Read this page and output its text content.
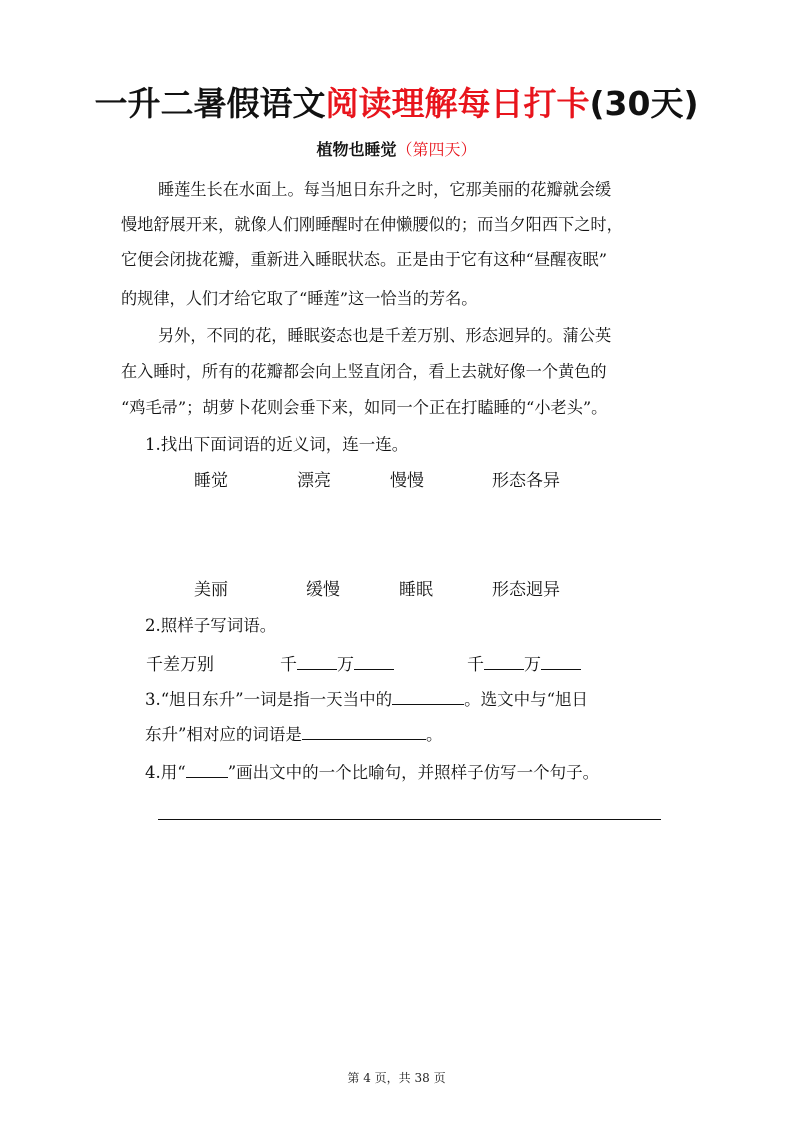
一升二暑假语文阅读理解每日打卡(30天)
植物也睡觉（第四天）
睡莲生长在水面上。每当旭日东升之时，它那美丽的花瓣就会缓
慢地舒展开来，就像人们刚睡醒时在伸懒腰似的；而当夕阳西下之时，
它便会闭拢花瓣，重新进入睡眠状态。正是由于它有这种“昼醒夜眠”
的规律，人们才给它取了“睡莲”这一恰当的芳名。
另外，不同的花，睡眠姿态也是千差万别、形态迥异的。蒲公英
在入睡时，所有的花瓣都会向上竖直闭合，看上去就好像一个黄色的
“鸡毛帚”；胡萝卜花则会垂下来，如同一个正在打瞌睡的“小老头”。
1.找出下面词语的近义词，连一连。
睡觉	漂亮	慢慢	形态各异
美丽	缓慢	睡眠	形态迥异
2.照样子写词语。
千差万别	千 万	千 万
3.“旭日东升”一词是指一天当中的	。选文中与“旭日
东升”相对应的词语是	。
4.用“	”画出文中的一个比喻句，并照样子仿写一个句子。
第 4 页，共 38 页
